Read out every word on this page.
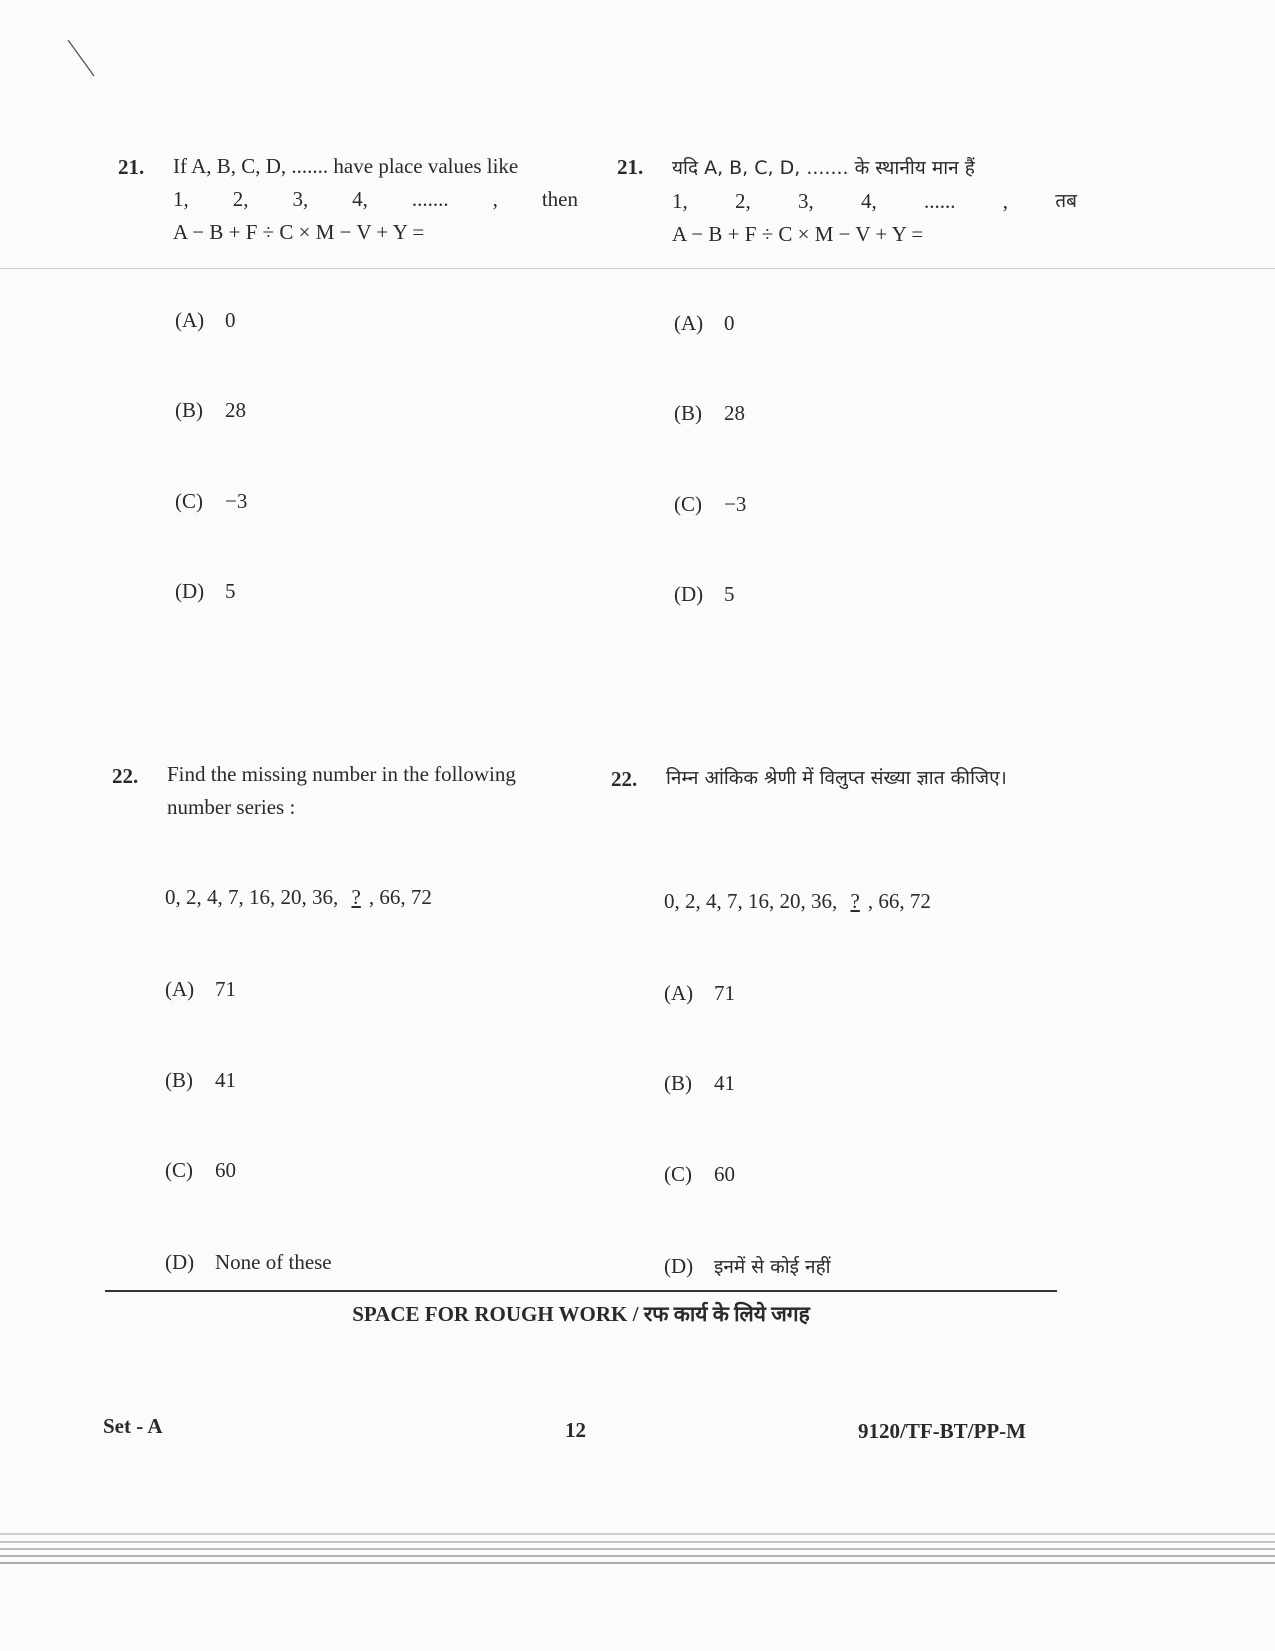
21. If A, B, C, D, ....... have place values like
1, 2, 3, 4, ....... , then
A − B + F ÷ C × M − V + Y =
21. यदि A, B, C, D, ....... के स्थानीय मान हैं
1, 2, 3, 4, ...... , तब
A − B + F ÷ C × M − V + Y =
(A) 0
(B) 28
(C) −3
(D) 5
(A) 0
(B) 28
(C) −3
(D) 5
22. Find the missing number in the following
number series :
22. निम्न आंकिक श्रेणी में विलुप्त संख्या ज्ञात कीजिए।
0, 2, 4, 7, 16, 20, 36, ? , 66, 72	0, 2, 4, 7, 16, 20, 36, ? , 66, 72
(A) 71
(B) 41
(C) 60
(D) None of these
(A) 71
(B) 41
(C) 60
(D) इनमें से कोई नहीं
SPACE FOR ROUGH WORK / रफ कार्य के लिये जगह
Set - A	12	9120/TF-BT/PP-M
